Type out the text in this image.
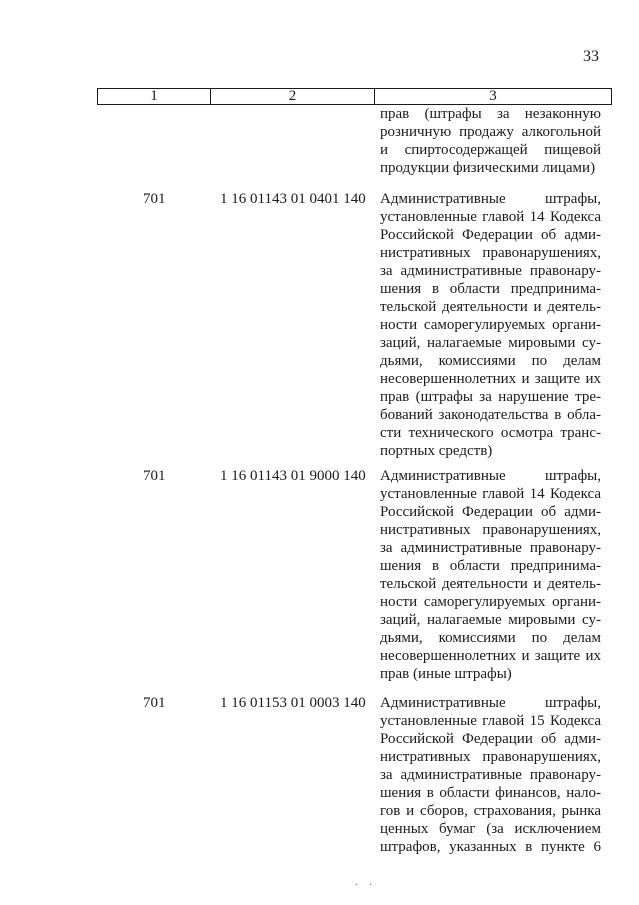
33
1	2	3
прав (штрафы за незаконную
розничную продажу алкогольной
и спиртосодержащей пищевой
продукции физическими лицами)
701	1 16 01143 01 0401 140 Административные штрафы,
установленные главой 14 Кодекса
Российской Федерации об адми-
нистративных правонарушениях,
за административные правонару-
шения в области предпринима-
тельской деятельности и деятель-
ности саморегулируемых органи-
заций, налагаемые мировыми су-
дьями, комиссиями по делам
несовершеннолетних и защите их
прав (штрафы за нарушение тре-
бований законодательства в обла-
сти технического осмотра транс-
портных средств)
701	1 16 01143 01 9000 140 Административные штрафы,
установленные главой 14 Кодекса
Российской Федерации об адми-
нистративных правонарушениях,
за административные правонару-
шения в области предпринима-
тельской деятельности и деятель-
ности саморегулируемых органи-
заций, налагаемые мировыми су-
дьями, комиссиями по делам
несовершеннолетних и защите их
прав (иные штрафы)
701	1 16 01153 01 0003 140 Административные штрафы,
установленные главой 15 Кодекса
Российской Федерации об адми-
нистративных правонарушениях,
за административные правонару-
шения в области финансов, нало-
гов и сборов, страхования, рынка
ценных бумаг (за исключением
штрафов, указанных в пункте 6
· ·
